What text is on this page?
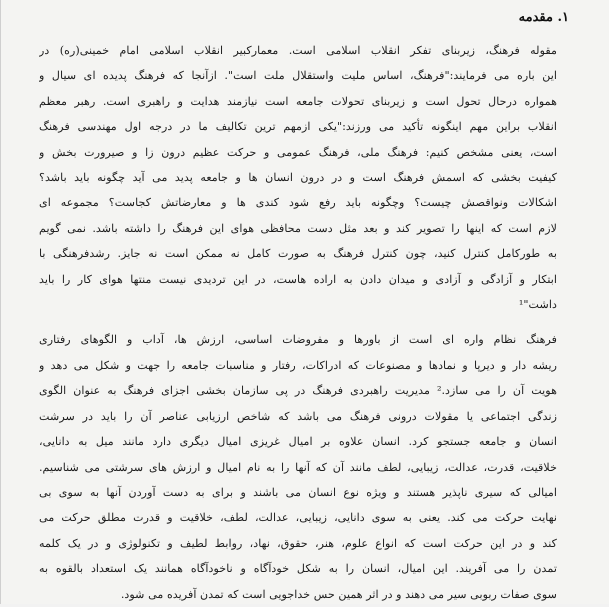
۱. مقدمه
مقوله فرهنگ، زیربنای تفکر انقلاب اسلامی است. معمارکبیر انقلاب اسلامی امام خمینی(ره) در
این باره می فرمایند:"فرهنگ، اساس ملیت واستقلال ملت است". ازآنجا که فرهنگ پدیده ای سیال و
همواره درحال تحول است و زیربنای تحولات جامعه است نیازمند هدایت و راهبری است. رهبر معظم
انقلاب براین مهم اینگونه تأکید می ورزند:"یکی ازمهم ترین تکالیف ما در درجه اول مهندسی فرهنگ
است، یعنی مشخص کنیم: فرهنگ ملی، فرهنگ عمومی و حرکت عظیم درون زا و صیرورت بخش و
کیفیت بخشی که اسمش فرهنگ است و در درون انسان ها و جامعه پدید می آید چگونه باید باشد؟
اشکالات ونواقصش چیست؟ وچگونه باید رفع شود کندی ها و معارضاتش کجاست؟ مجموعه ای
لازم است که اینها را تصویر کند و بعد مثل دست محافظی هوای این فرهنگ را داشته باشد. نمی گویم
به طورکامل کنترل کنید، چون کنترل فرهنگ به صورت کامل نه ممکن است نه جایز. رشدفرهنگی با
ابتکار و آزادگی و آزادی و میدان دادن به اراده هاست، در این تردیدی نیست منتها هوای کار را باید
داشت"¹
فرهنگ نظام واره ای است از باورها و مفروضات اساسی، ارزش ها، آداب و الگوهای رفتاری
ریشه دار و دیرپا و نمادها و مصنوعات که ادراکات، رفتار و مناسبات جامعه را جهت و شکل می دهد و
هویت آن را می سازد.² مدیریت راهبردی فرهنگ در پی سازمان بخشی اجزای فرهنگ به عنوان الگوی
زندگی اجتماعی یا مقولات درونی فرهنگ می باشد که شاخص ارزیابی عناصر آن را باید در سرشت
انسان و جامعه جستجو کرد. انسان علاوه بر امیال غریزی امیال دیگری دارد مانند میل به دانایی،
خلاقیت، قدرت، عدالت، زیبایی، لطف مانند آن که آنها را به نام امیال و ارزش های سرشتی می شناسیم.
امیالی که سیری ناپذیر هستند و ویژه نوع انسان می باشند و برای به دست آوردن آنها به سوی بی
نهایت حرکت می کند. یعنی به سوی دانایی، زیبایی، عدالت، لطف، خلاقیت و قدرت مطلق حرکت می
کند و در این حرکت است که انواع علوم، هنر، حقوق، نهاد، روابط لطیف و تکنولوژی و در یک کلمه
تمدن را می آفریند. این امیال، انسان را به شکل خودآگاه و ناخودآگاه همانند یک استعداد بالقوه به
سوی صفات ربوبی سیر می دهند و در اثر همین حس خداجویی است که تمدن آفریده می شود.
